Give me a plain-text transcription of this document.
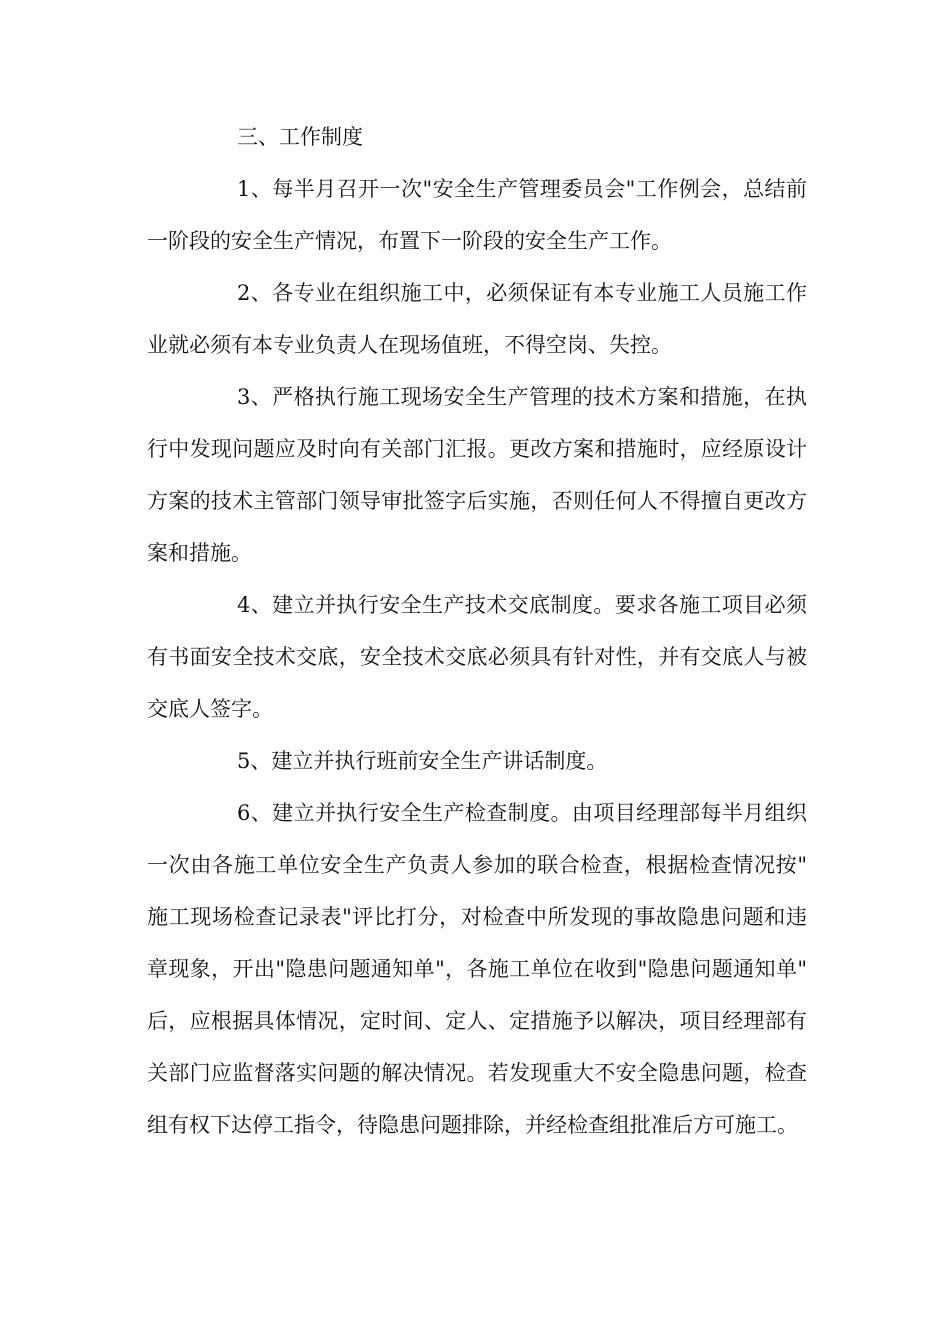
三、工作制度

1、每半月召开一次"安全生产管理委员会"工作例会，总结前一阶段的安全生产情况，布置下一阶段的安全生产工作。

2、各专业在组织施工中，必须保证有本专业施工人员施工作业就必须有本专业负责人在现场值班，不得空岗、失控。

3、严格执行施工现场安全生产管理的技术方案和措施，在执行中发现问题应及时向有关部门汇报。更改方案和措施时，应经原设计方案的技术主管部门领导审批签字后实施，否则任何人不得擅自更改方案和措施。

4、建立并执行安全生产技术交底制度。要求各施工项目必须有书面安全技术交底，安全技术交底必须具有针对性，并有交底人与被交底人签字。

5、建立并执行班前安全生产讲话制度。

6、建立并执行安全生产检查制度。由项目经理部每半月组织一次由各施工单位安全生产负责人参加的联合检查，根据检查情况按"施工现场检查记录表"评比打分，对检查中所发现的事故隐患问题和违章现象，开出"隐患问题通知单"，各施工单位在收到"隐患问题通知单"后，应根据具体情况，定时间、定人、定措施予以解决，项目经理部有关部门应监督落实问题的解决情况。若发现重大不安全隐患问题，检查组有权下达停工指令，待隐患问题排除，并经检查组批准后方可施工。
